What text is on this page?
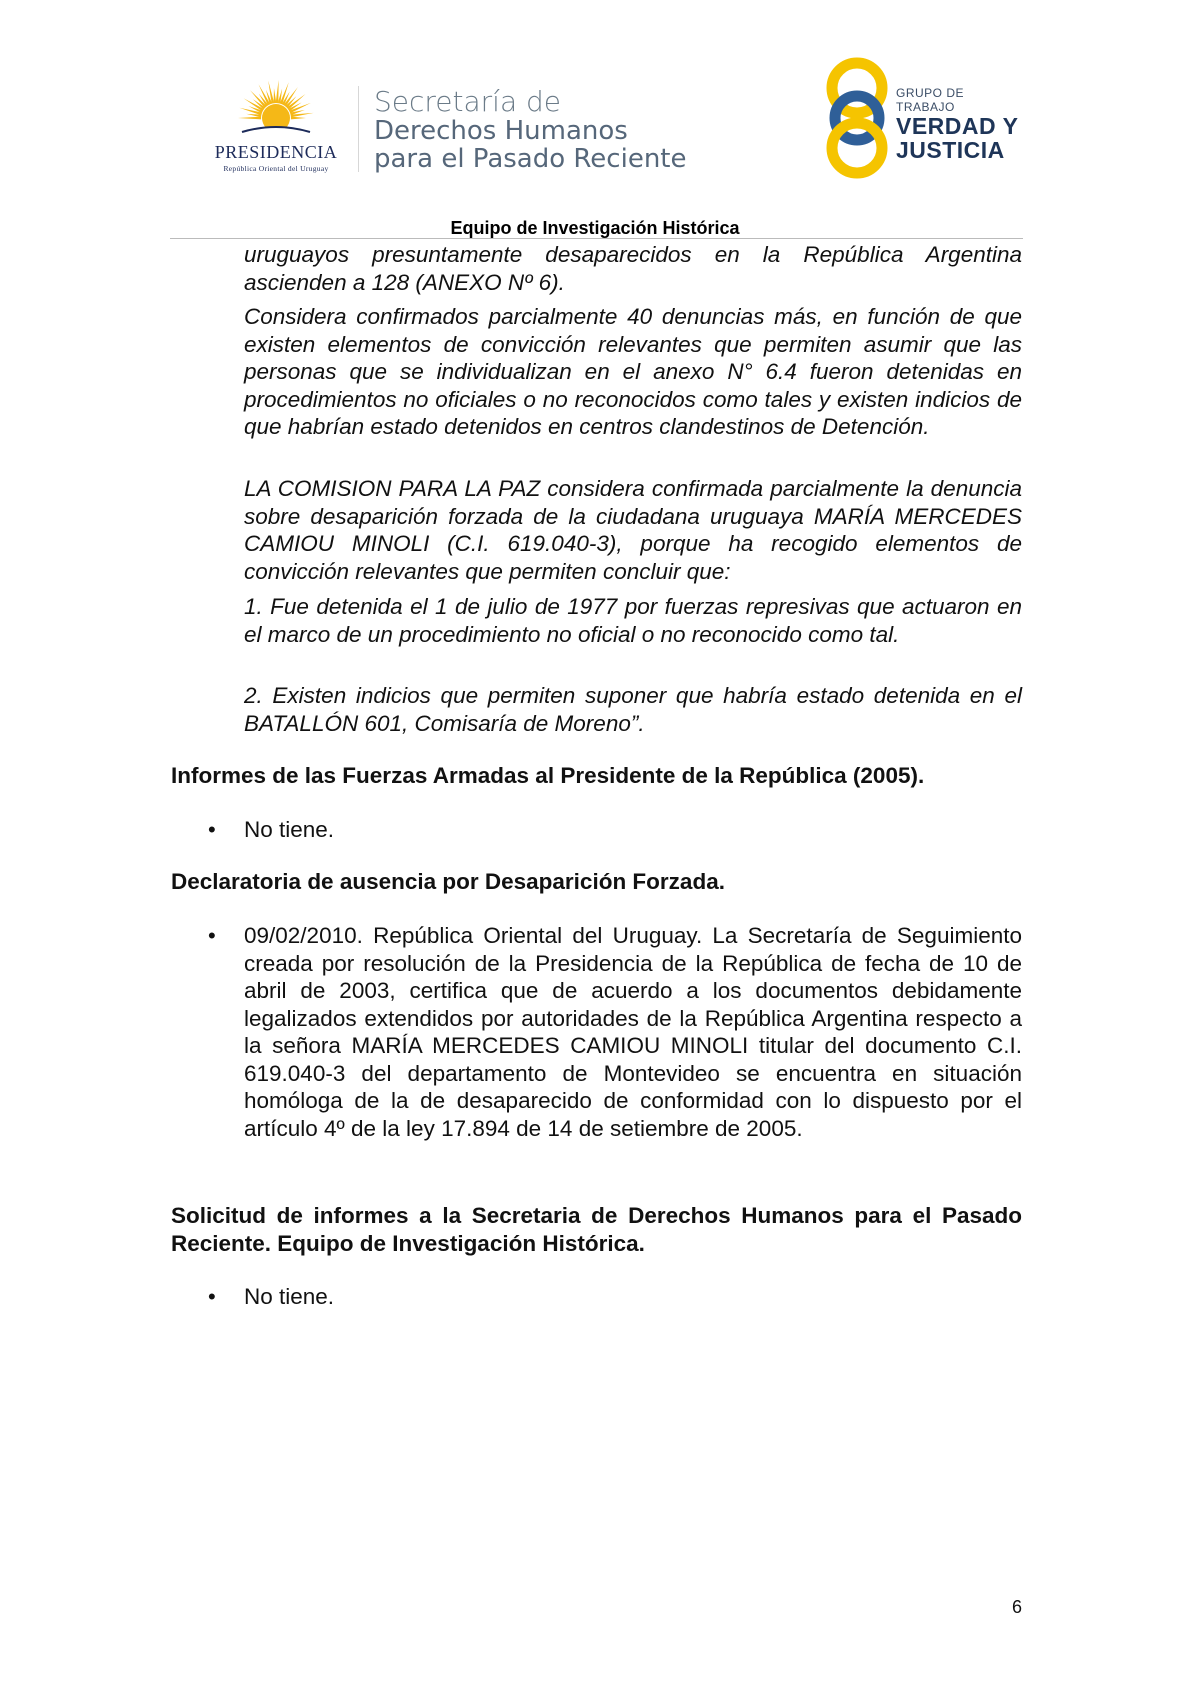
PRESIDENCIA
República Oriental del Uruguay
Secretaría de
Derechos Humanos
para el Pasado Reciente
GRUPO DE TRABAJO
VERDAD Y
JUSTICIA
Equipo de Investigación Histórica

uruguayos presuntamente desaparecidos en la República Argentina ascienden a 128 (ANEXO Nº 6).

Considera confirmados parcialmente 40 denuncias más, en función de que existen elementos de convicción relevantes que permiten asumir que las personas que se individualizan en el anexo N° 6.4 fueron detenidas en procedimientos no oficiales o no reconocidos como tales y existen indicios de que habrían estado detenidos en centros clandestinos de Detención.

LA COMISION PARA LA PAZ considera confirmada parcialmente la denuncia sobre desaparición forzada de la ciudadana uruguaya MARÍA MERCEDES CAMIOU MINOLI (C.I. 619.040-3), porque ha recogido elementos de convicción relevantes que permiten concluir que:

1. Fue detenida el 1 de julio de 1977 por fuerzas represivas que actuaron en el marco de un procedimiento no oficial o no reconocido como tal.

2. Existen indicios que permiten suponer que habría estado detenida en el BATALLÓN 601, Comisaría de Moreno”.

Informes de las Fuerzas Armadas al Presidente de la República (2005).

• No tiene.

Declaratoria de ausencia por Desaparición Forzada.

• 09/02/2010. República Oriental del Uruguay. La Secretaría de Seguimiento creada por resolución de la Presidencia de la República de fecha de 10 de abril de 2003, certifica que de acuerdo a los documentos debidamente legalizados extendidos por autoridades de la República Argentina respecto a la señora MARÍA MERCEDES CAMIOU MINOLI titular del documento C.I. 619.040-3 del departamento de Montevideo se encuentra en situación homóloga de la de desaparecido de conformidad con lo dispuesto por el artículo 4º de la ley 17.894 de 14 de setiembre de 2005.

Solicitud de informes a la Secretaria de Derechos Humanos para el Pasado Reciente. Equipo de Investigación Histórica.

• No tiene.

6
